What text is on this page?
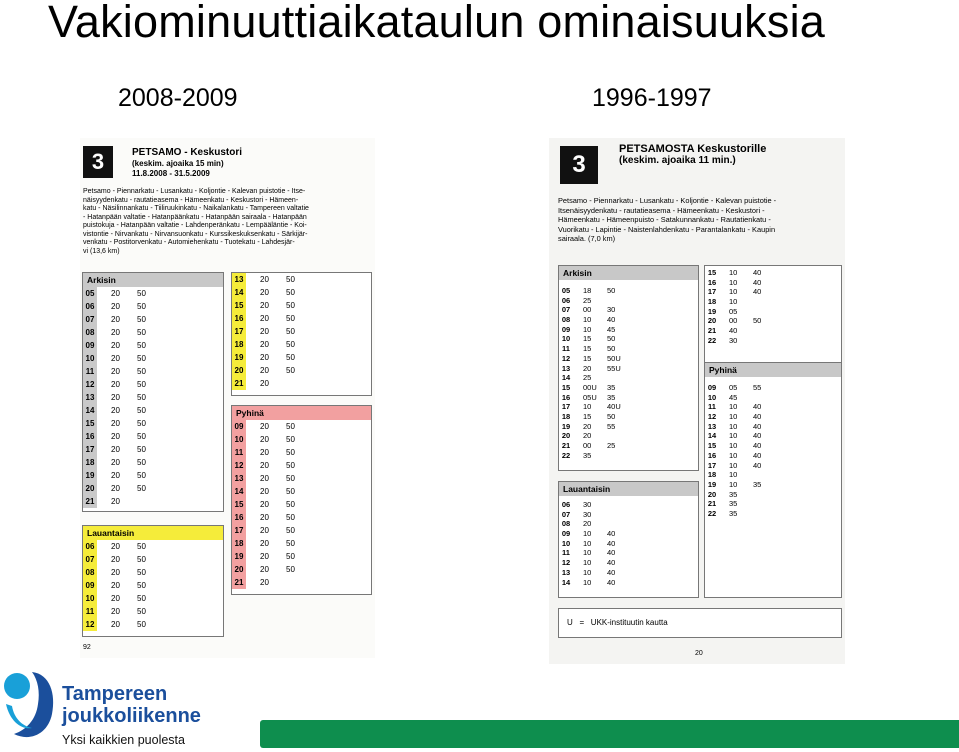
Vakiominuuttiaikataulun ominaisuuksia
2008-2009	1996-1997
3	PETSAMO - Keskustori
(keskim. ajoaika 15 min)
11.8.2008 - 31.5.2009
Petsamo - Piennarkatu - Lusankatu - Koljontie - Kalevan puistotie - Itse-
näisyydenkatu - rautatieasema - Hämeenkatu - Keskustori - Hämeen-
katu - Näsilinnankatu - Tiiliruukinkatu - Naikalankatu - Tampereen valtatie
- Hatanpään valtatie - Hatanpäänkatu - Hatanpään sairaala - Hatanpään
puistokuja - Hatanpään valtatie - Lahdenperänkatu - Lempääläntie - Koi-
vistontie - Nirvankatu - Nirvansuonkatu - Kurssikeskuksenkatu - Särkijär-
venkatu - Postitorvenkatu - Automiehenkatu - Tuotekatu - Lahdesjär-
vi (13,6 km)
Arkisin
05	20 50
06	20 50
07	20 50
08	20 50
09	20 50
10	20 50
11	20 50
12	20 50
13	20 50
14	20 50
15	20 50
16	20 50
17	20 50
18	20 50
19	20 50
20	20 50
21	20
13	20 50
14	20 50
15	20 50
16	20 50
17	20 50
18	20 50
19	20 50
20	20 50
21	20
Pyhinä
09	20 50
10	20 50
11	20 50
12	20 50
13	20 50
14	20 50
15	20 50
16	20 50
17	20 50
18	20 50
19	20 50
20	20 50
21	20
Lauantaisin
06	20 50
07	20 50
08	20 50
09	20 50
10	20 50
11	20 50
12	20 50
92
3
PETSAMOSTA Keskustorille
(keskim. ajoaika 11 min.)
Petsamo - Piennarkatu - Lusankatu - Koljontie - Kalevan puistotie -
Itsenäisyydenkatu - rautatieasema - Hämeenkatu - Keskustori -
Hämeenkatu - Hämeenpuisto - Satakunnankatu - Rautatienkatu -
Vuorikatu - Lapintie - Naistenlahdenkatu - Parantalankatu - Kaupin
sairaala. (7,0 km)
Arkisin
05	18 50
06	25
07	00 30
08	10 40
09	10 45
10	15 50
11	15 50
12	15 50U
13	20 55U
14	25
15	00U 35
16	05U 35
17	10 40U
18	15 50
19	20 55
20	20
21	00 25
22	35
15	10 40
16	10 40
17	10 40
18	10
19	05
20	00 50
21	40
22	30
Pyhinä
09	05 55
10	45
11	10 40
12	10 40
13	10 40
14	10 40
15	10 40
16	10 40
17	10 40
18	10
19	10 35
20	35
21	35
22	35
Lauantaisin
06	30
07	30
08	20
09	10 40
10	10 40
11	10 40
12	10 40
13	10 40
14	10 40
U   =   UKK-instituutin kautta
20
Tampereen
joukkoliikenne
Yksi kaikkien puolesta
